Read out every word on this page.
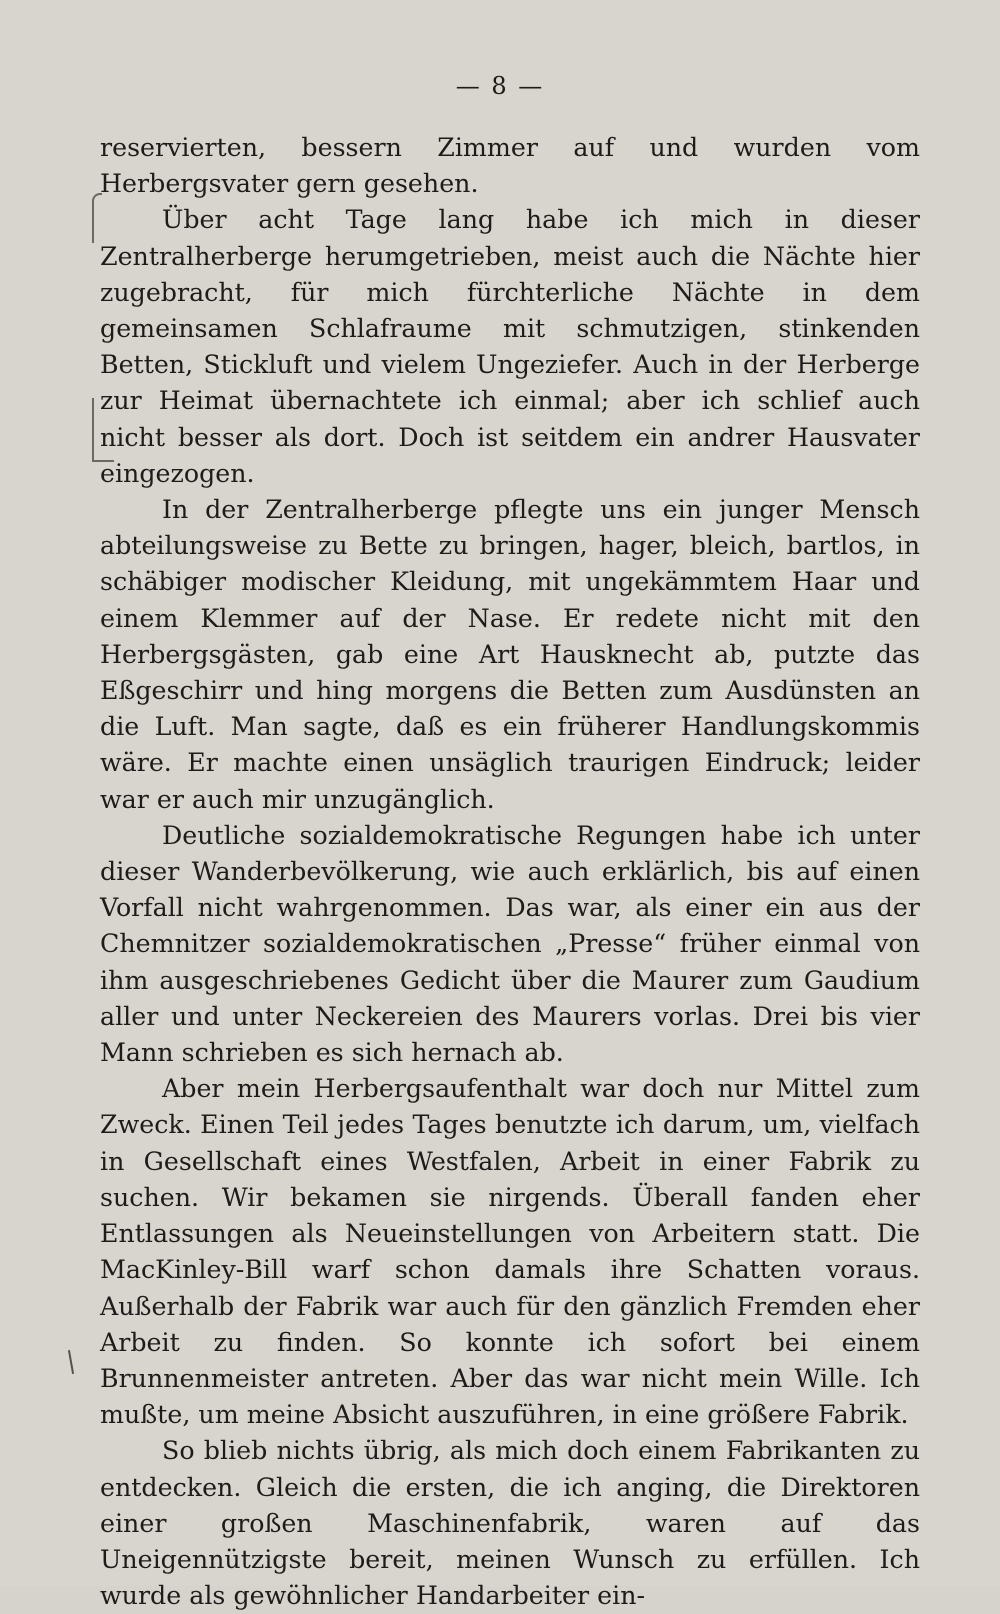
— 8 —

reservierten, bessern Zimmer auf und wurden vom Herbergsvater gern gesehen.

Über acht Tage lang habe ich mich in dieser Zentralherberge herumgetrieben, meist auch die Nächte hier zugebracht, für mich fürchterliche Nächte in dem gemeinsamen Schlafraume mit schmutzigen, stinkenden Betten, Stickluft und vielem Ungeziefer. Auch in der Herberge zur Heimat übernachtete ich einmal; aber ich schlief auch nicht besser als dort. Doch ist seitdem ein andrer Hausvater eingezogen.

In der Zentralherberge pflegte uns ein junger Mensch abteilungsweise zu Bette zu bringen, hager, bleich, bartlos, in schäbiger modischer Kleidung, mit ungekämmtem Haar und einem Klemmer auf der Nase. Er redete nicht mit den Herbergsgästen, gab eine Art Hausknecht ab, putzte das Eßgeschirr und hing morgens die Betten zum Ausdünsten an die Luft. Man sagte, daß es ein früherer Handlungskommis wäre. Er machte einen unsäglich traurigen Eindruck; leider war er auch mir unzugänglich.

Deutliche sozialdemokratische Regungen habe ich unter dieser Wanderbevölkerung, wie auch erklärlich, bis auf einen Vorfall nicht wahrgenommen. Das war, als einer ein aus der Chemnitzer sozialdemokratischen „Presse“ früher einmal von ihm ausgeschriebenes Gedicht über die Maurer zum Gaudium aller und unter Neckereien des Maurers vorlas. Drei bis vier Mann schrieben es sich hernach ab.

Aber mein Herbergsaufenthalt war doch nur Mittel zum Zweck. Einen Teil jedes Tages benutzte ich darum, um, vielfach in Gesellschaft eines Westfalen, Arbeit in einer Fabrik zu suchen. Wir bekamen sie nirgends. Überall fanden eher Entlassungen als Neueinstellungen von Arbeitern statt. Die MacKinley-Bill warf schon damals ihre Schatten voraus. Außerhalb der Fabrik war auch für den gänzlich Fremden eher Arbeit zu finden. So konnte ich sofort bei einem Brunnenmeister antreten. Aber das war nicht mein Wille. Ich mußte, um meine Absicht auszuführen, in eine größere Fabrik.

So blieb nichts übrig, als mich doch einem Fabrikanten zu entdecken. Gleich die ersten, die ich anging, die Direktoren einer großen Maschinenfabrik, waren auf das Uneigennützigste bereit, meinen Wunsch zu erfüllen. Ich wurde als gewöhnlicher Handarbeiter ein-
